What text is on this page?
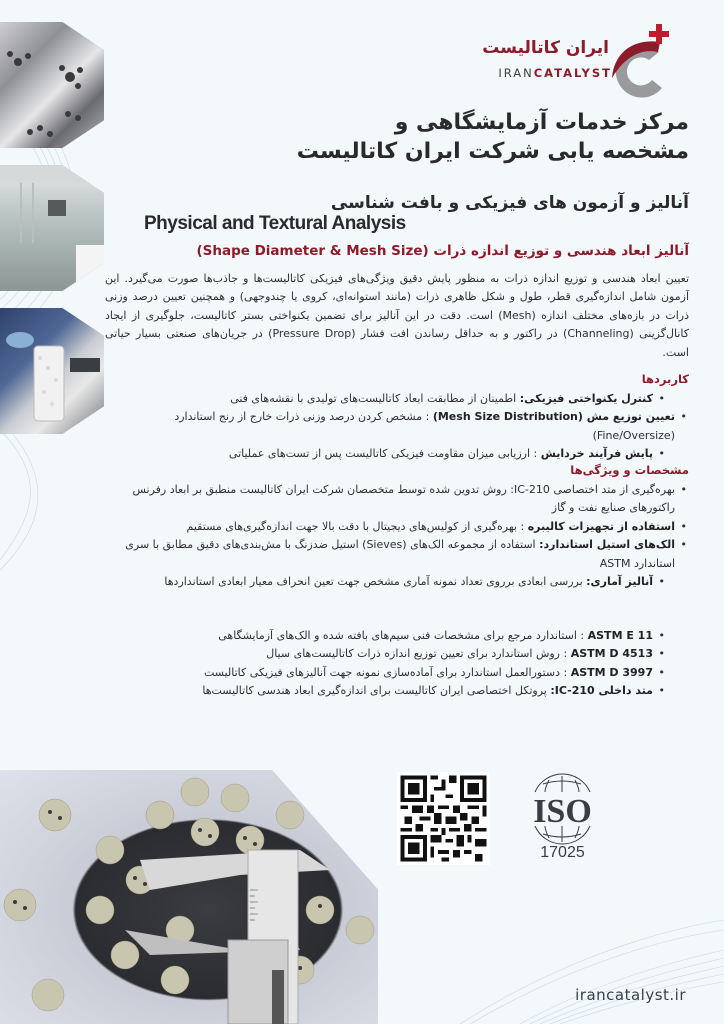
ایران کاتالیست
IRANCATALYST
مرکز خدمات آزمایشگاهی و
مشخصه یابی شرکت ایران کاتالیست
آنالیز و آزمون های فیزیکی و بافت شناسی
Physical and Textural Analysis
آنالیز ابعاد هندسی و توزیع اندازه ذرات (Shape Diameter & Mesh Size)

تعیین ابعاد هندسی و توزیع اندازه ذرات به منظور پایش دقیق ویژگی‌های فیزیکی کاتالیست‌ها و جاذب‌ها صورت می‌گیرد. این آزمون شامل اندازه‌گیری قطر، طول و شکل ظاهری ذرات (مانند استوانه‌ای، کروی یا چندوجهی) و همچنین تعیین درصد وزنی ذرات در بازه‌های مختلف اندازه (Mesh) است. دقت در این آنالیز برای تضمین یکنواختی بستر کاتالیست، جلوگیری از ایجاد کانال‌گزینی (Channeling) در راکتور و به حداقل رساندن افت فشار (Pressure Drop) در جریان‌های صنعتی بسیار حیاتی است.

کاربردها
• کنترل یکنواختی فیزیکی: اطمینان از مطابقت ابعاد کاتالیست‌های تولیدی با نقشه‌های فنی
• تعیین توزیع مش (Mesh Size Distribution) : مشخص کردن درصد وزنی ذرات خارج از رنج استاندارد (Fine/Oversize)
• پایش فرآیند خردایش : ارزیابی میزان مقاومت فیزیکی کاتالیست پس از تست‌های عملیاتی
مشخصات و ویژگی‌ها
• بهره‌گیری از متد اختصاصی IC-210: روش تدوین شده توسط متخصصان شرکت ایران کاتالیست منطبق بر ابعاد رفرنس راکتورهای صنایع نفت و گاز
• استفاده از تجهیزات کالیبره : بهره‌گیری از کولیس‌های دیجیتال با دقت بالا جهت اندازه‌گیری‌های مستقیم
• الک‌های استیل استاندارد: استفاده از مجموعه الک‌های (Sieves) استیل ضدزنگ با مش‌بندی‌های دقیق مطابق با سری استاندارد ASTM
• آنالیز آماری: بررسی ابعادی برروی تعداد نمونه آماری مشخص جهت تعین انحراف معیار ابعادی استانداردها
• ASTM E 11 : استاندارد مرجع برای مشخصات فنی سیم‌های بافته شده و الک‌های آزمایشگاهی
• ASTM D 4513 : روش استاندارد برای تعیین توزیع اندازه ذرات کاتالیست‌های سیال
• ASTM D 3997 : دستورالعمل استاندارد برای آماده‌سازی نمونه جهت آنالیزهای فیزیکی کاتالیست
• متد داخلی IC-210: پروتکل اختصاصی ایران کاتالیست برای اندازه‌گیری ابعاد هندسی کاتالیست‌ها
ISO
17025
irancatalyst.ir
